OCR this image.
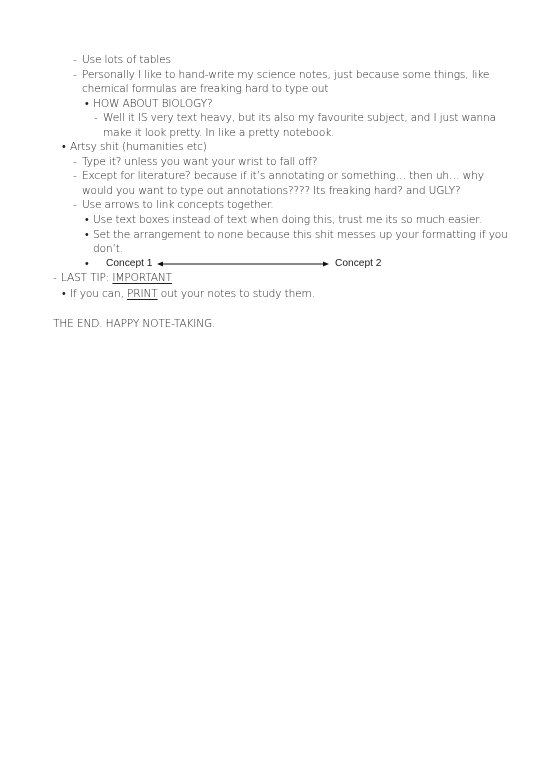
- Use lots of tables
- Personally I like to hand-write my science notes, just because some things, like
chemical formulas are freaking hard to type out
• HOW ABOUT BIOLOGY?
- Well it IS very text heavy, but its also my favourite subject, and I just wanna
make it look pretty. In like a pretty notebook.
• Artsy shit (humanities etc)
- Type it? unless you want your wrist to fall off?
- Except for literature? because if it’s annotating or something… then uh… why
would you want to type out annotations???? Its freaking hard? and UGLY?
- Use arrows to link concepts together.
• Use text boxes instead of text when doing this, trust me its so much easier.
• Set the arrangement to none because this shit messes up your formatting if you
don’t.
• Concept 1	Concept 2
- LAST TIP: IMPORTANT
• If you can, PRINT out your notes to study them.
THE END. HAPPY NOTE-TAKING.
